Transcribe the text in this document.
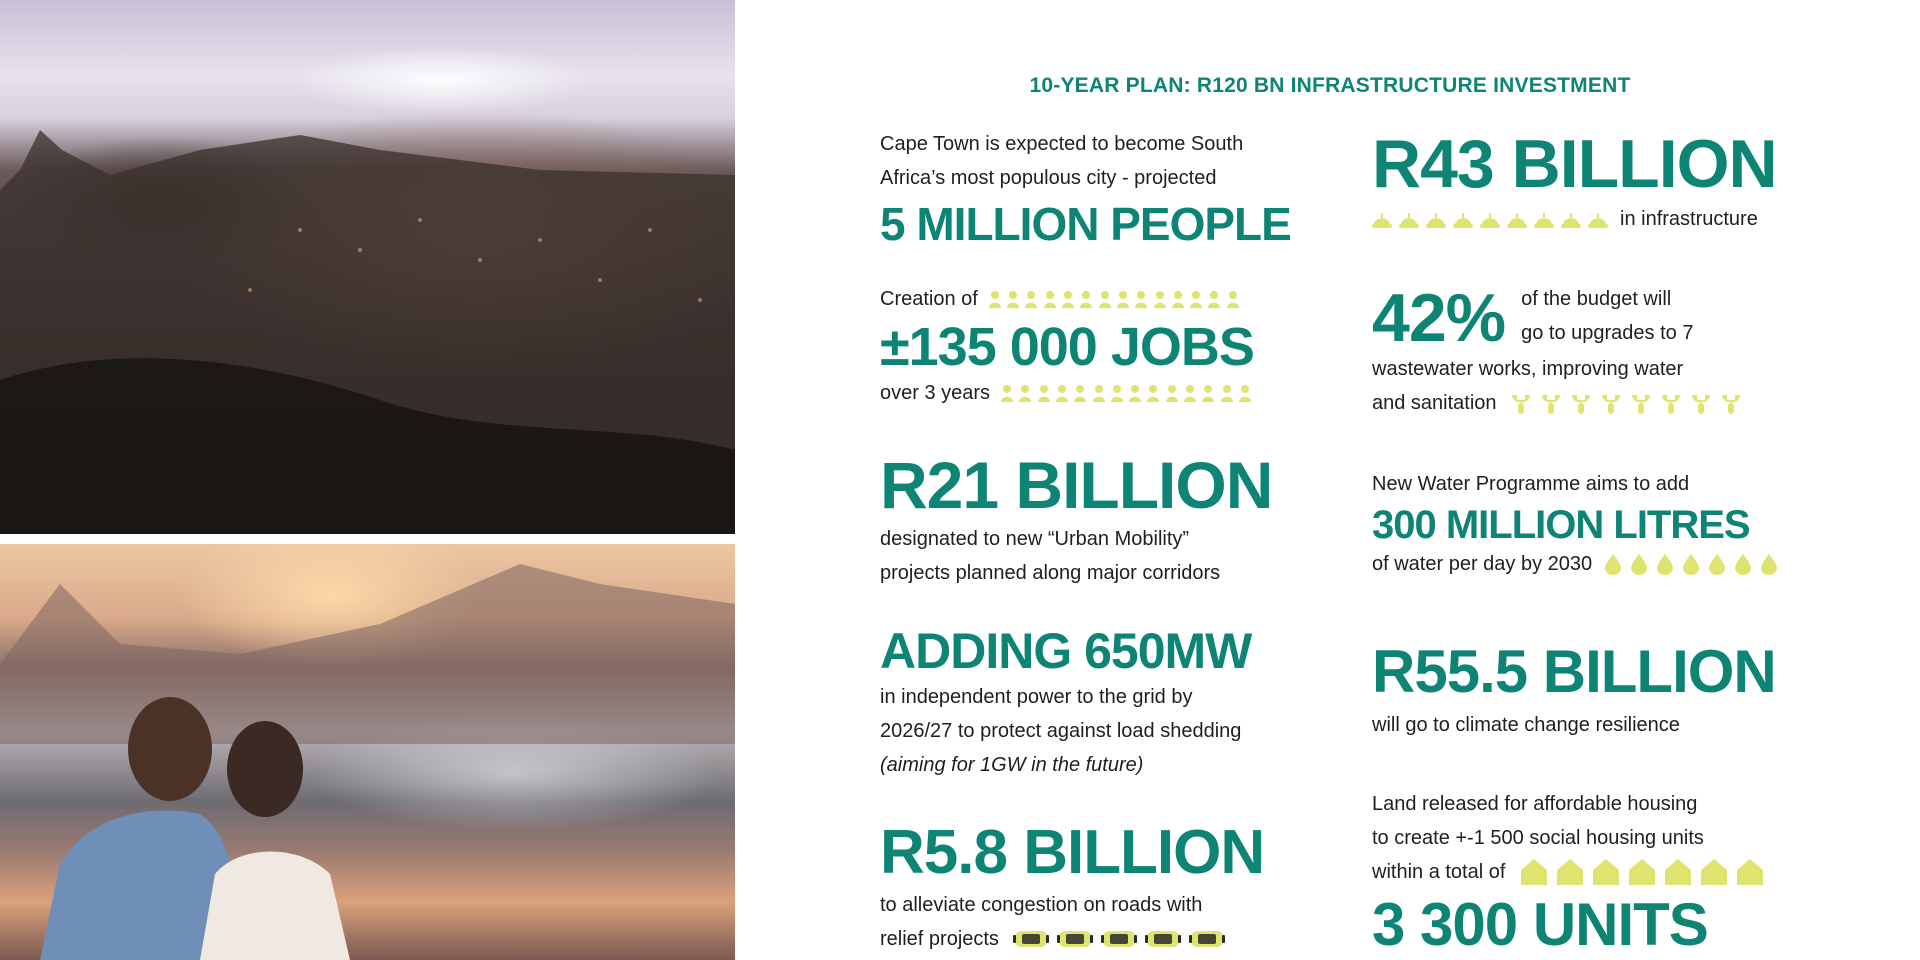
10-YEAR PLAN: R120 BN INFRASTRUCTURE INVESTMENT
Cape Town is expected to become South
Africa’s most populous city - projected
5 MILLION PEOPLE
Creation of
±135 000 JOBS
over 3 years
R21 BILLION
designated to new “Urban Mobility”
projects planned along major corridors
ADDING 650MW
in independent power to the grid by
2026/27 to protect against load shedding
(aiming for 1GW in the future)
R5.8 BILLION
to alleviate congestion on roads with
relief projects
R43 BILLION
in infrastructure
42% of the budget will
go to upgrades to 7
wastewater works, improving water
and sanitation
New Water Programme aims to add
300 MILLION LITRES
of water per day by 2030
R55.5 BILLION
will go to climate change resilience
Land released for affordable housing
to create +-1 500 social housing units
within a total of
3 300 UNITS
